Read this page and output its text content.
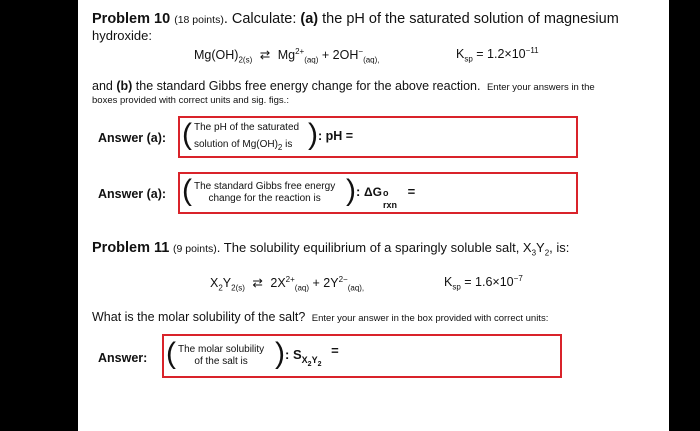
Problem 10 (18 points). Calculate: (a) the pH of the saturated solution of magnesium
hydroxide:
$Mg(OH)_{2(s)}$ ⇄ $Mg^{2+}_{(aq)} + 2OH^-_{(aq),}$	$K_{sp} = 1.2\times 10^{-11}$
and (b) the standard Gibbs free energy change for the above reaction. Enter your answers in the
boxes provided with correct units and sig. figs.:
Answer (a): ( The pH of the saturated
solution of $Mg(OH)_2$ is ) : pH =
Answer (a): ( The standard Gibbs free energy
change for the reaction is ) : ΔG o
rxn
=
Problem 11 (9 points). The solubility equilibrium of a sparingly soluble salt, $X_3Y_2$, is:
$X_2Y_{2(s)}$ ⇄ $2X^{2+}_{(aq)} + 2Y^{2-}_{(aq),}$	$K_{sp} = 1.6\times 10^{-7}$
What is the molar solubility of the salt? Enter your answer in the box provided with correct units:
Answer: ( The molar solubility
of the salt is ) : $S_{X_2Y_2}$ =
